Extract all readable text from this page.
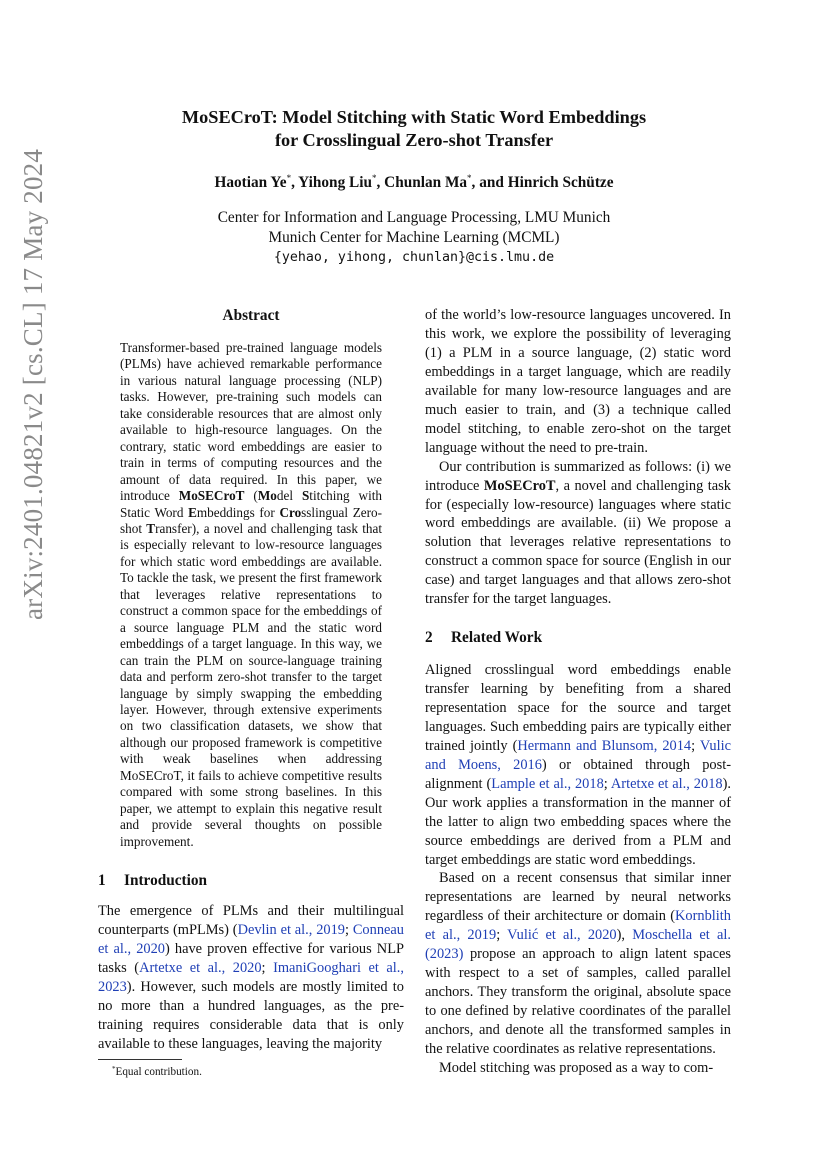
arXiv:2401.04821v2 [cs.CL] 17 May 2024
MoSECroT: Model Stitching with Static Word Embeddings
for Crosslingual Zero-shot Transfer
Haotian Ye*, Yihong Liu*, Chunlan Ma*, and Hinrich Schütze
Center for Information and Language Processing, LMU Munich
Munich Center for Machine Learning (MCML)
{yehao, yihong, chunlan}@cis.lmu.de
Abstract
Transformer-based pre-trained language models (PLMs) have achieved remarkable performance in various natural language processing (NLP) tasks. However, pre-training such models can take considerable resources that are almost only available to high-resource languages. On the contrary, static word embeddings are easier to train in terms of computing resources and the amount of data required. In this paper, we introduce MoSECroT (Model Stitching with Static Word Embeddings for Crosslingual Zero-shot Transfer), a novel and challenging task that is especially relevant to low-resource languages for which static word embeddings are available. To tackle the task, we present the first framework that leverages relative representations to construct a common space for the embeddings of a source language PLM and the static word embeddings of a target language. In this way, we can train the PLM on source-language training data and perform zero-shot transfer to the target language by simply swapping the embedding layer. However, through extensive experiments on two classification datasets, we show that although our proposed framework is competitive with weak baselines when addressing MoSECroT, it fails to achieve competitive results compared with some strong baselines. In this paper, we attempt to explain this negative result and provide several thoughts on possible improvement.
1 Introduction

The emergence of PLMs and their multilingual counterparts (mPLMs) (Devlin et al., 2019; Conneau et al., 2020) have proven effective for various NLP tasks (Artetxe et al., 2020; ImaniGooghari et al., 2023). However, such models are mostly limited to no more than a hundred languages, as the pre-training requires considerable data that is only available to these languages, leaving the majority

*Equal contribution.

of the world’s low-resource languages uncovered. In this work, we explore the possibility of leveraging (1) a PLM in a source language, (2) static word embeddings in a target language, which are readily available for many low-resource languages and are much easier to train, and (3) a technique called model stitching, to enable zero-shot on the target language without the need to pre-train.

Our contribution is summarized as follows: (i) we introduce MoSECroT, a novel and challenging task for (especially low-resource) languages where static word embeddings are available. (ii) We propose a solution that leverages relative representations to construct a common space for source (English in our case) and target languages and that allows zero-shot transfer for the target languages.

2 Related Work

Aligned crosslingual word embeddings enable transfer learning by benefiting from a shared representation space for the source and target languages. Such embedding pairs are typically either trained jointly (Hermann and Blunsom, 2014; Vulic and Moens, 2016) or obtained through post-alignment (Lample et al., 2018; Artetxe et al., 2018). Our work applies a transformation in the manner of the latter to align two embedding spaces where the source embeddings are derived from a PLM and target embeddings are static word embeddings.

Based on a recent consensus that similar inner representations are learned by neural networks regardless of their architecture or domain (Kornblith et al., 2019; Vulić et al., 2020), Moschella et al. (2023) propose an approach to align latent spaces with respect to a set of samples, called parallel anchors. They transform the original, absolute space to one defined by relative coordinates of the parallel anchors, and denote all the transformed samples in the relative coordinates as relative representations.

Model stitching was proposed as a way to com-
